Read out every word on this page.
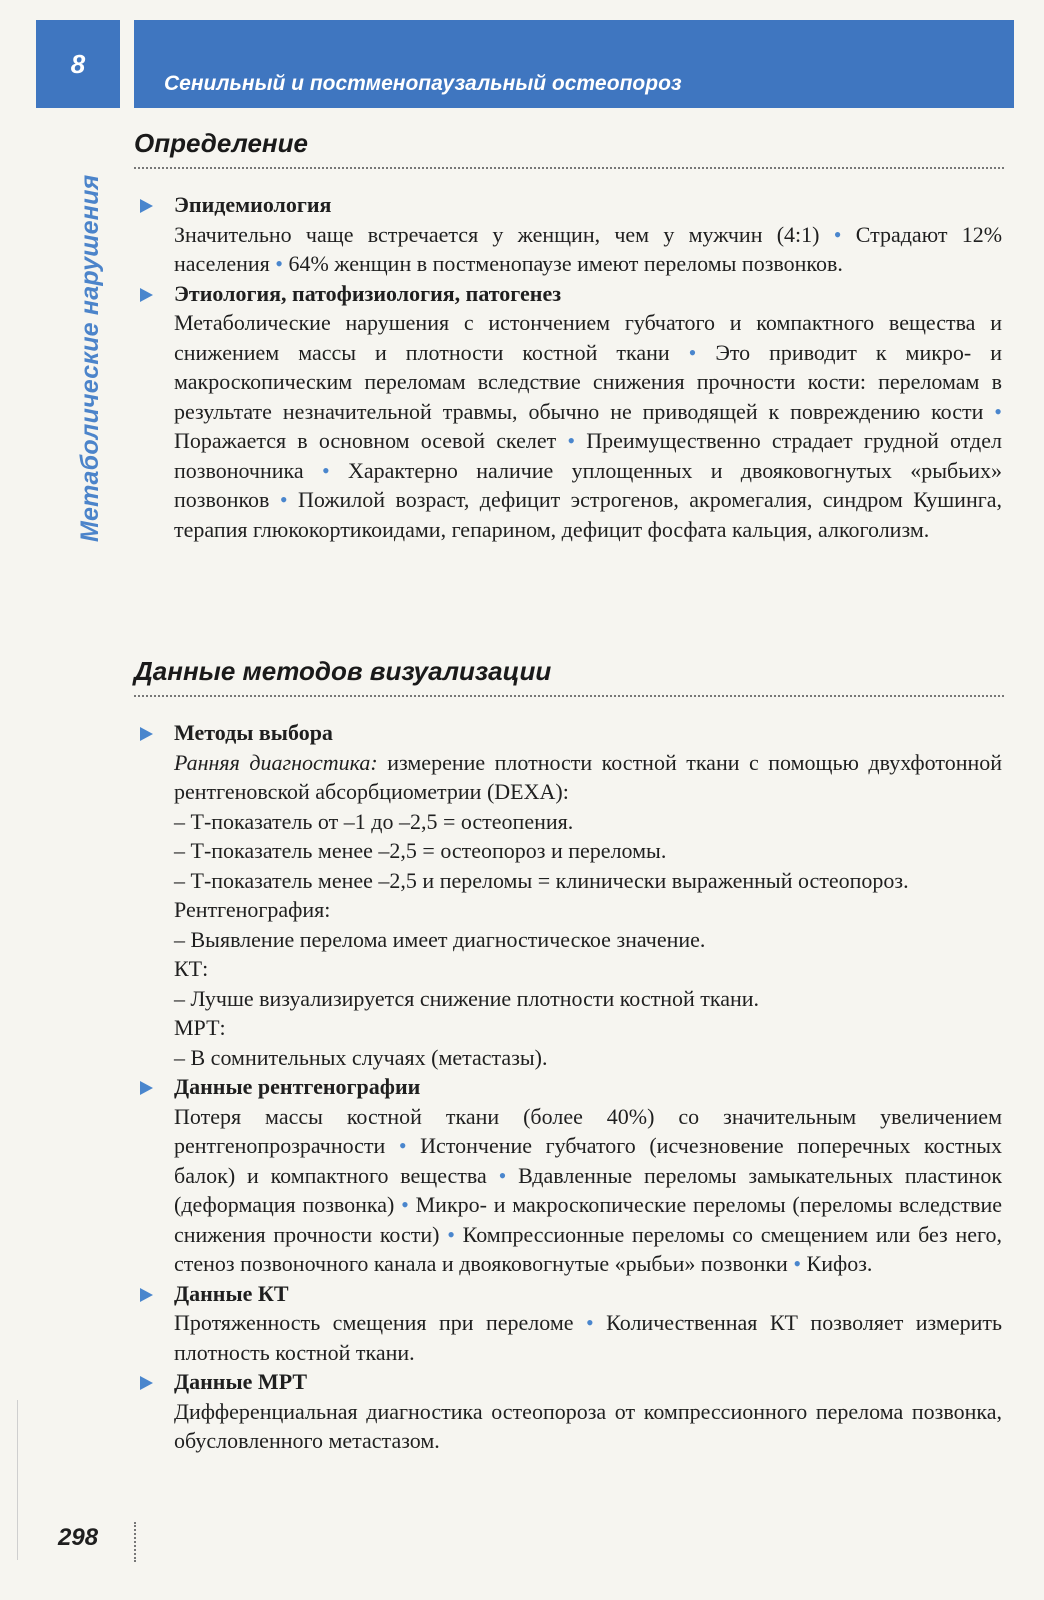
8
Сенильный и постменопаузальный остеопороз
Метаболические нарушения
Определение
Эпидемиология
Значительно чаще встречается у женщин, чем у мужчин (4:1) • Страдают 12% населения • 64% женщин в постменопаузе имеют переломы позвонков.
Этиология, патофизиология, патогенез
Метаболические нарушения с истончением губчатого и компактного вещества и снижением массы и плотности костной ткани • Это приводит к микро- и макроскопическим переломам вследствие снижения прочности кости: переломам в результате незначительной травмы, обычно не приводящей к повреждению кости • Поражается в основном осевой скелет • Преимущественно страдает грудной отдел позвоночника • Характерно наличие уплощенных и двояковогнутых «рыбьих» позвонков • Пожилой возраст, дефицит эстрогенов, акромегалия, синдром Кушинга, терапия глюкокортикоидами, гепарином, дефицит фосфата кальция, алкоголизм.
Данные методов визуализации
Методы выбора
Ранняя диагностика: измерение плотности костной ткани с помощью двухфотонной рентгеновской абсорбциометрии (DEXA):
– Т-показатель от –1 до –2,5 = остеопения.
– Т-показатель менее –2,5 = остеопороз и переломы.
– Т-показатель менее –2,5 и переломы = клинически выраженный остеопороз.
Рентгенография:
– Выявление перелома имеет диагностическое значение.
КТ:
– Лучше визуализируется снижение плотности костной ткани.
МРТ:
– В сомнительных случаях (метастазы).
Данные рентгенографии
Потеря массы костной ткани (более 40%) со значительным увеличением рентгенопрозрачности • Истончение губчатого (исчезновение поперечных костных балок) и компактного вещества • Вдавленные переломы замыкательных пластинок (деформация позвонка) • Микро- и макроскопические переломы (переломы вследствие снижения прочности кости) • Компрессионные переломы со смещением или без него, стеноз позвоночного канала и двояковогнутые «рыбьи» позвонки • Кифоз.
Данные КТ
Протяженность смещения при переломе • Количественная КТ позволяет измерить плотность костной ткани.
Данные МРТ
Дифференциальная диагностика остеопороза от компрессионного перелома позвонка, обусловленного метастазом.
298
